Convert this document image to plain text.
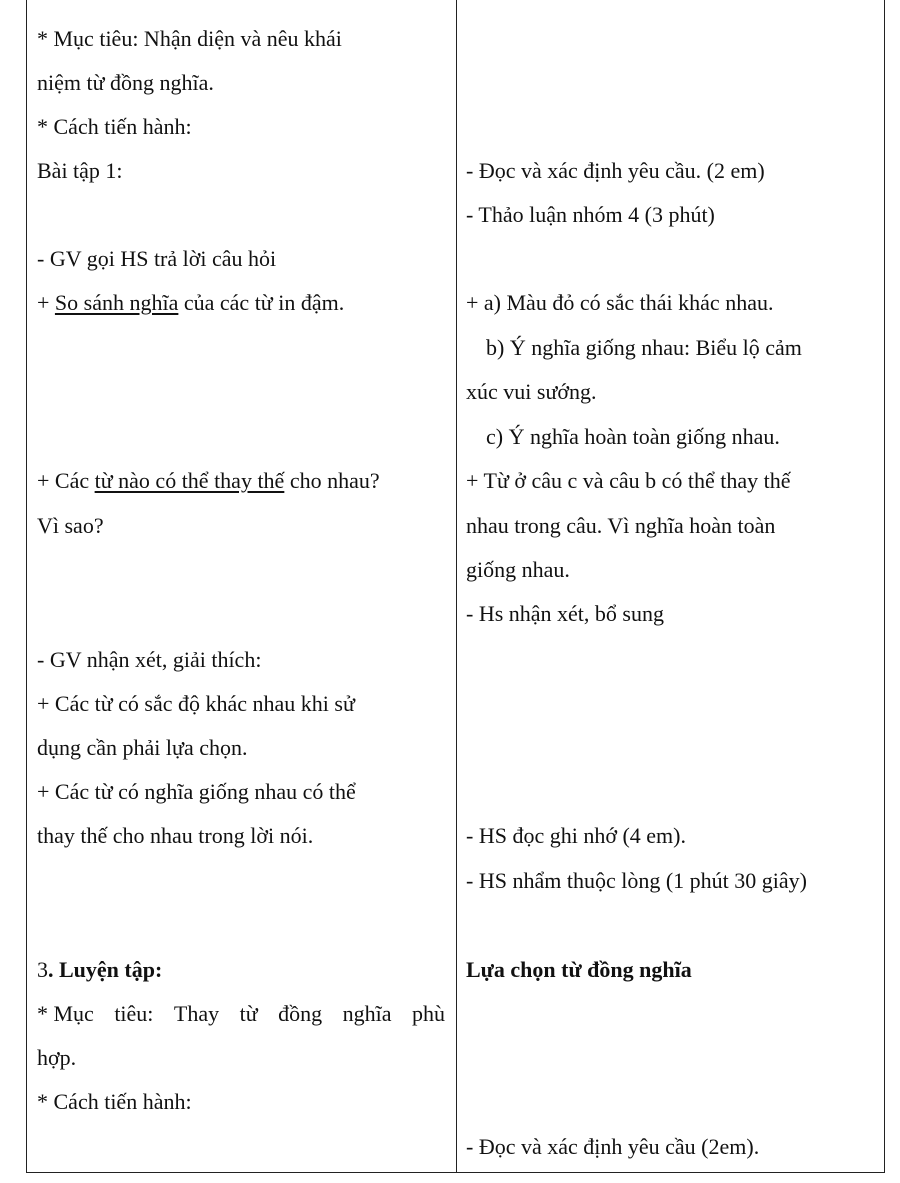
* Mục tiêu: Nhận diện và nêu khái
niệm từ đồng nghĩa.
* Cách tiến hành:
Bài tập 1:
- GV gọi HS trả lời câu hỏi
+ So sánh nghĩa của các từ in đậm.
+ Các từ nào có thể thay thế cho nhau?
Vì sao?
- GV nhận xét, giải thích:
+ Các từ có sắc độ khác nhau khi sử
dụng cần phải lựa chọn.
+ Các từ có nghĩa giống nhau có thể
thay thế cho nhau trong lời nói.
3. Luyện tập:
* Mục tiêu: Thay từ đồng nghĩa phù
hợp.
* Cách tiến hành:
- Đọc và xác định yêu cầu. (2 em)
- Thảo luận nhóm 4 (3 phút)
+ a) Màu đỏ có sắc thái khác nhau.
b) Ý nghĩa giống nhau: Biểu lộ cảm
xúc vui sướng.
c) Ý nghĩa hoàn toàn giống nhau.
+ Từ ở câu c và câu b có thể thay thế
nhau trong câu. Vì nghĩa hoàn toàn
giống nhau.
- Hs nhận xét, bổ sung
- HS đọc ghi nhớ (4 em).
- HS nhẩm thuộc lòng (1 phút 30 giây)
Lựa chọn từ đồng nghĩa
- Đọc và xác định yêu cầu (2em).
